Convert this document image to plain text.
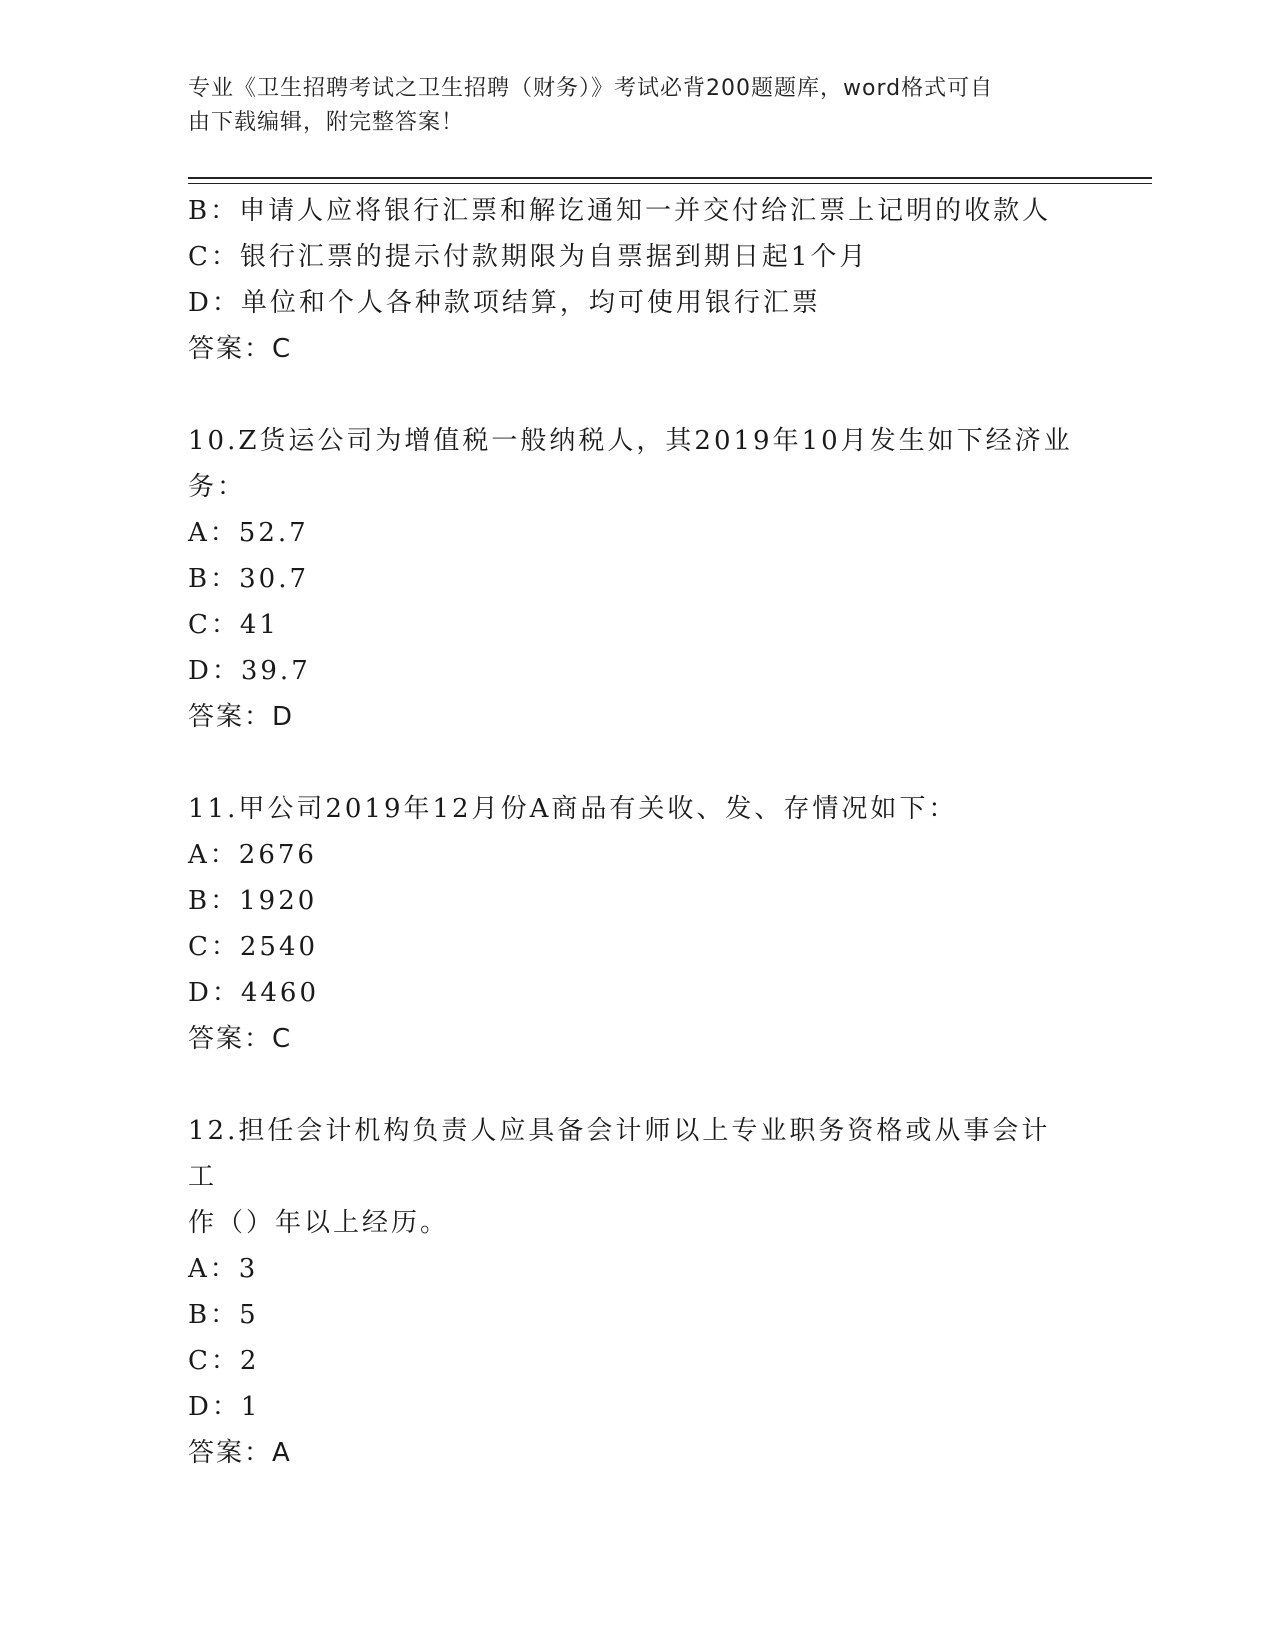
专业《卫生招聘考试之卫生招聘（财务）》考试必背200题题库，word格式可自
由下载编辑，附完整答案！
B：申请人应将银行汇票和解讫通知一并交付给汇票上记明的收款人
C：银行汇票的提示付款期限为自票据到期日起1个月
D：单位和个人各种款项结算，均可使用银行汇票
答案：C
10.Z货运公司为增值税一般纳税人，其2019年10月发生如下经济业
务：
A：52.7
B：30.7
C：41
D：39.7
答案：D
11.甲公司2019年12月份A商品有关收、发、存情况如下：
A：2676
B：1920
C：2540
D：4460
答案：C
12.担任会计机构负责人应具备会计师以上专业职务资格或从事会计工
作（）年以上经历。
A：3
B：5
C：2
D：1
答案：A
